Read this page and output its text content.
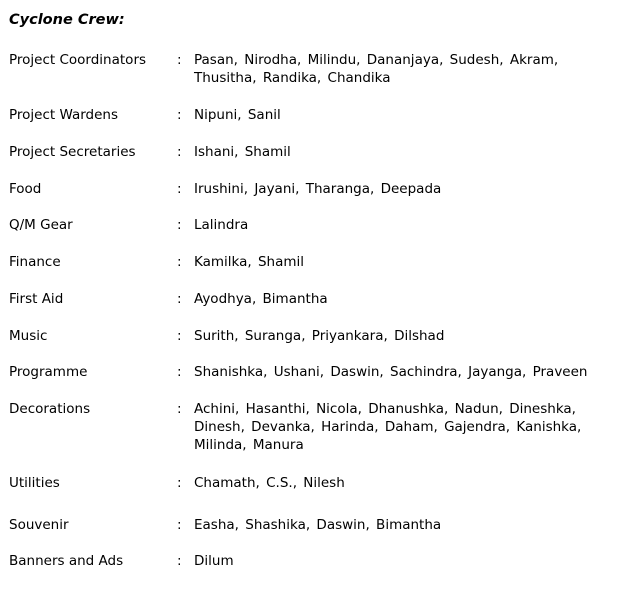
Cyclone Crew:
Project Coordinators : Pasan, Nirodha, Milindu, Dananjaya, Sudesh, Akram, Thusitha, Randika, Chandika
Project Wardens	: Nipuni, Sanil
Project Secretaries	: Ishani, Shamil
Food	: Irushini, Jayani, Tharanga, Deepada
Q/M Gear	: Lalindra
Finance	: Kamilka, Shamil
First Aid	: Ayodhya, Bimantha
Music	: Surith, Suranga, Priyankara, Dilshad
Programme	: Shanishka, Ushani, Daswin, Sachindra, Jayanga, Praveen
Decorations	: Achini, Hasanthi, Nicola, Dhanushka, Nadun, Dineshka, Dinesh, Devanka, Harinda, Daham, Gajendra, Kanishka, Milinda, Manura
Utilities	: Chamath, C.S., Nilesh
Souvenir	: Easha, Shashika, Daswin, Bimantha
Banners and Ads	: Dilum
